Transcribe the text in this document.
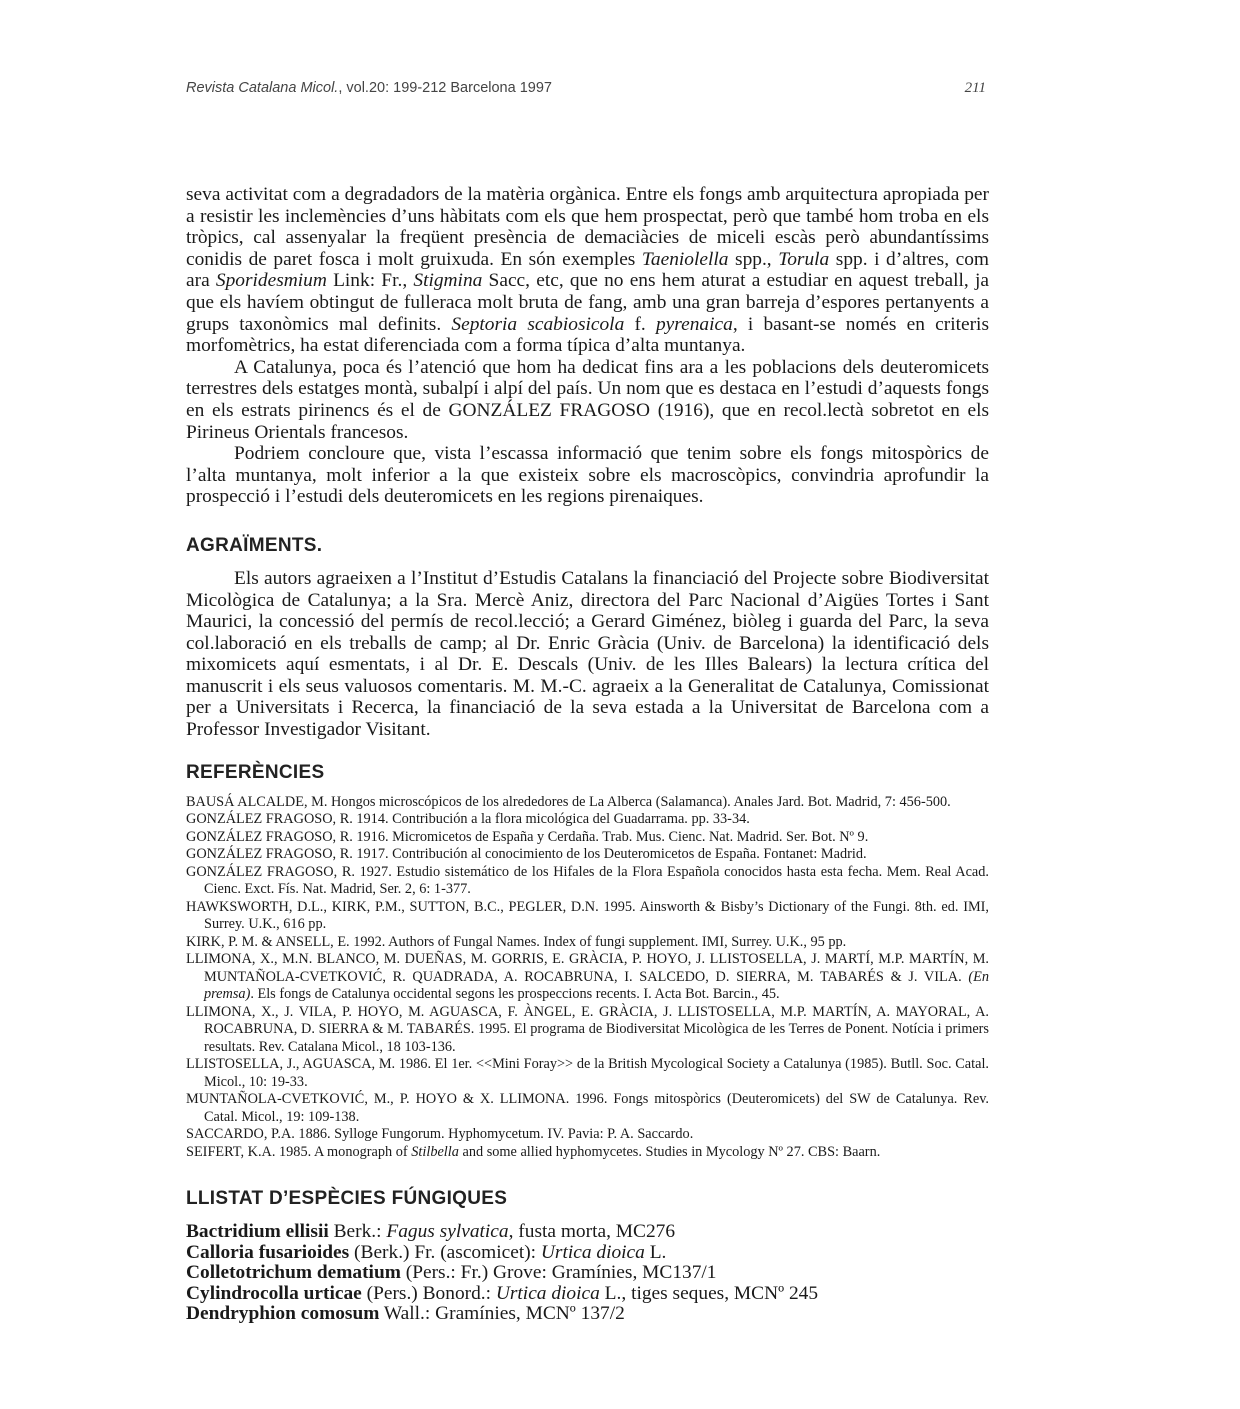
Revista Catalana Micol., vol.20: 199-212 Barcelona 1997	211

seva activitat com a degradadors de la matèria orgànica. Entre els fongs amb arquitectura apropiada per a resistir les inclemències d’uns hàbitats com els que hem prospectat, però que també hom troba en els tròpics, cal assenyalar la freqüent presència de demaciàcies de miceli escàs però abundantíssims conidis de paret fosca i molt gruixuda. En són exemples Taeniolella spp., Torula spp. i d’altres, com ara Sporidesmium Link: Fr., Stigmina Sacc, etc, que no ens hem aturat a estudiar en aquest treball, ja que els havíem obtingut de fulleraca molt bruta de fang, amb una gran barreja d’espores pertanyents a grups taxonòmics mal definits. Septoria scabiosicola f. pyrenaica, i basant-se només en criteris morfomètrics, ha estat diferenciada com a forma típica d’alta muntanya.

A Catalunya, poca és l’atenció que hom ha dedicat fins ara a les poblacions dels deuteromicets terrestres dels estatges montà, subalpí i alpí del país. Un nom que es destaca en l’estudi d’aquests fongs en els estrats pirinencs és el de GONZÁLEZ FRAGOSO (1916), que en recol.lectà sobretot en els Pirineus Orientals francesos.

Podriem concloure que, vista l’escassa informació que tenim sobre els fongs mitospòrics de l’alta muntanya, molt inferior a la que existeix sobre els macroscòpics, convindria aprofundir la prospecció i l’estudi dels deuteromicets en les regions pirenaiques.

AGRAÏMENTS.

Els autors agraeixen a l’Institut d’Estudis Catalans la financiació del Projecte sobre Biodiversitat Micològica de Catalunya; a la Sra. Mercè Aniz, directora del Parc Nacional d’Aigües Tortes i Sant Maurici, la concessió del permís de recol.lecció; a Gerard Giménez, biòleg i guarda del Parc, la seva col.laboració en els treballs de camp; al Dr. Enric Gràcia (Univ. de Barcelona) la identificació dels mixomicets aquí esmentats, i al Dr. E. Descals (Univ. de les Illes Balears) la lectura crítica del manuscrit i els seus valuosos comentaris. M. M.-C. agraeix a la Generalitat de Catalunya, Comissionat per a Universitats i Recerca, la financiació de la seva estada a la Universitat de Barcelona com a Professor Investigador Visitant.

REFERÈNCIES

BAUSÁ ALCALDE, M. Hongos microscópicos de los alrededores de La Alberca (Salamanca). Anales Jard. Bot. Madrid, 7: 456-500.

GONZÁLEZ FRAGOSO, R. 1914. Contribución a la flora micológica del Guadarrama. pp. 33-34.

GONZÁLEZ FRAGOSO, R. 1916. Micromicetos de España y Cerdaña. Trab. Mus. Cienc. Nat. Madrid. Ser. Bot. Nº 9.

GONZÁLEZ FRAGOSO, R. 1917. Contribución al conocimiento de los Deuteromicetos de España. Fontanet: Madrid.

GONZÁLEZ FRAGOSO, R. 1927. Estudio sistemático de los Hifales de la Flora Española conocidos hasta esta fecha. Mem. Real Acad. Cienc. Exct. Fís. Nat. Madrid, Ser. 2, 6: 1-377.

HAWKSWORTH, D.L., KIRK, P.M., SUTTON, B.C., PEGLER, D.N. 1995. Ainsworth & Bisby’s Dictionary of the Fungi. 8th. ed. IMI, Surrey. U.K., 616 pp.

KIRK, P. M. & ANSELL, E. 1992. Authors of Fungal Names. Index of fungi supplement. IMI, Surrey. U.K., 95 pp.

LLIMONA, X., M.N. BLANCO, M. DUEÑAS, M. GORRIS, E. GRÀCIA, P. HOYO, J. LLISTOSELLA, J. MARTÍ, M.P. MARTÍN, M. MUNTAÑOLA-CVETKOVIĆ, R. QUADRADA, A. ROCABRUNA, I. SALCEDO, D. SIERRA, M. TABARÉS & J. VILA. (En premsa). Els fongs de Catalunya occidental segons les prospeccions recents. I. Acta Bot. Barcin., 45.

LLIMONA, X., J. VILA, P. HOYO, M. AGUASCA, F. ÀNGEL, E. GRÀCIA, J. LLISTOSELLA, M.P. MARTÍN, A. MAYORAL, A. ROCABRUNA, D. SIERRA & M. TABARÉS. 1995. El programa de Biodiversitat Micològica de les Terres de Ponent. Notícia i primers resultats. Rev. Catalana Micol., 18 103-136.

LLISTOSELLA, J., AGUASCA, M. 1986. El 1er. <<Mini Foray>> de la British Mycological Society a Catalunya (1985). Butll. Soc. Catal. Micol., 10: 19-33.

MUNTAÑOLA-CVETKOVIĆ, M., P. HOYO & X. LLIMONA. 1996. Fongs mitospòrics (Deuteromicets) del SW de Catalunya. Rev. Catal. Micol., 19: 109-138.

SACCARDO, P.A. 1886. Sylloge Fungorum. Hyphomycetum. IV. Pavia: P. A. Saccardo.

SEIFERT, K.A. 1985. A monograph of Stilbella and some allied hyphomycetes. Studies in Mycology Nº 27. CBS: Baarn.

LLISTAT D’ESPÈCIES FÚNGIQUES

Bactridium ellisii Berk.: Fagus sylvatica, fusta morta, MC276

Calloria fusarioides (Berk.) Fr. (ascomicet): Urtica dioica L.

Colletotrichum dematium (Pers.: Fr.) Grove: Gramínies, MC137/1

Cylindrocolla urticae (Pers.) Bonord.: Urtica dioica L., tiges seques, MCNº 245

Dendryphion comosum Wall.: Gramínies, MCNº 137/2
